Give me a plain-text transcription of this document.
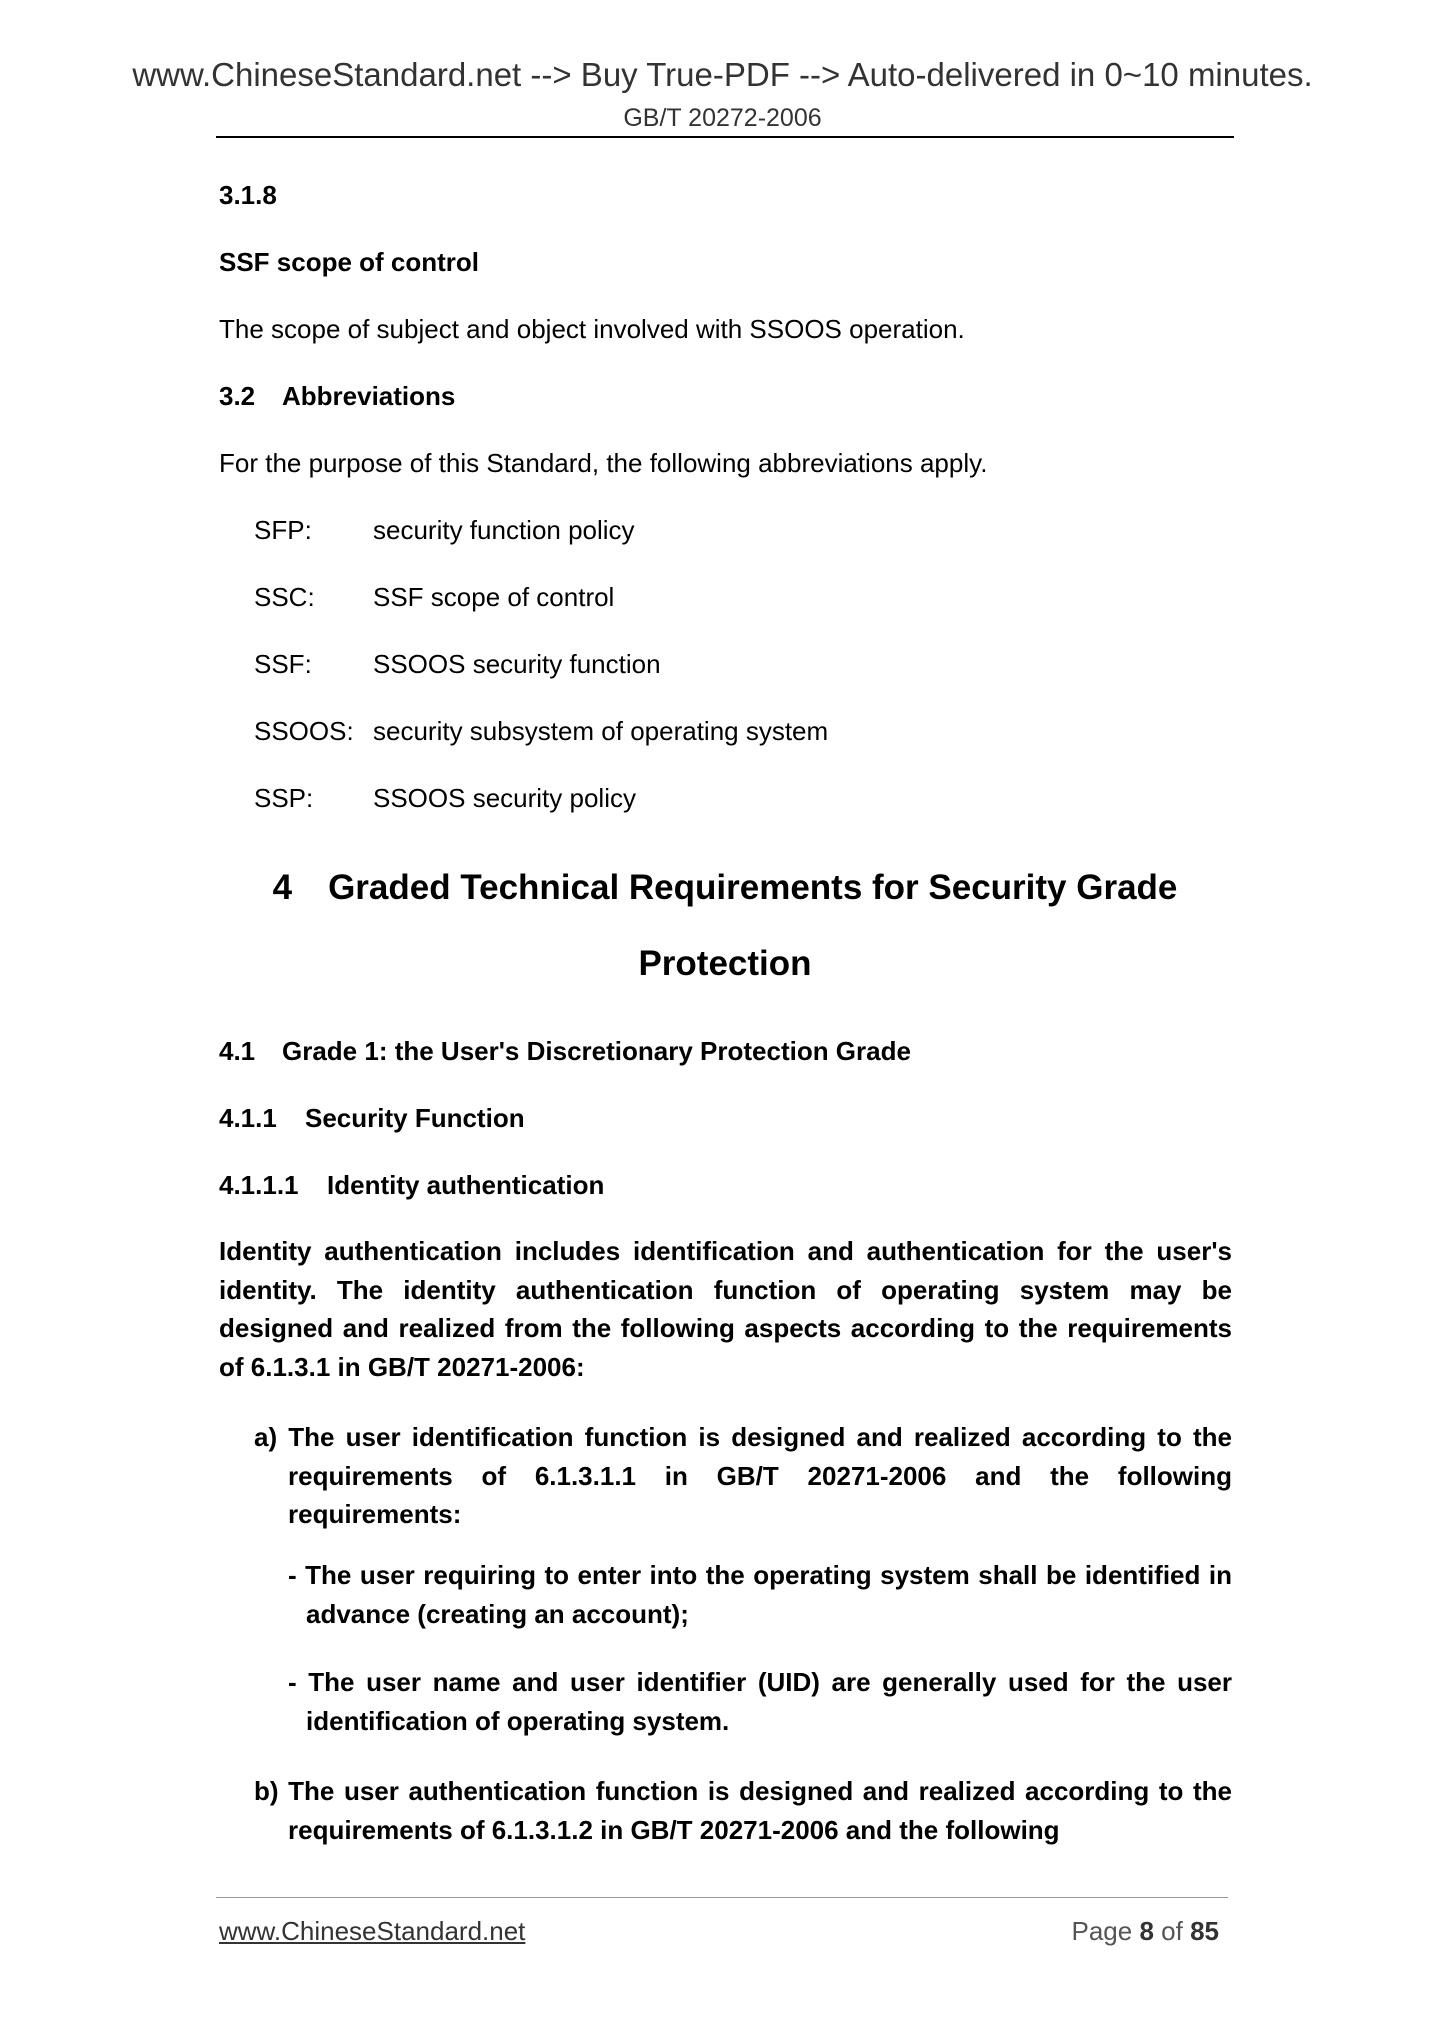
www.ChineseStandard.net --> Buy True-PDF --> Auto-delivered in 0~10 minutes.
GB/T 20272-2006
3.1.8
SSF scope of control
The scope of subject and object involved with SSOOS operation.
3.2 Abbreviations
For the purpose of this Standard, the following abbreviations apply.
SFP: security function policy
SSC: SSF scope of control
SSF: SSOOS security function
SSOOS: security subsystem of operating system
SSP: SSOOS security policy
4 Graded Technical Requirements for Security Grade
Protection
4.1 Grade 1: the User's Discretionary Protection Grade
4.1.1 Security Function
4.1.1.1 Identity authentication
Identity authentication includes identification and authentication for the user's identity. The identity authentication function of operating system may be designed and realized from the following aspects according to the requirements of 6.1.3.1 in GB/T 20271-2006:
a) The user identification function is designed and realized according to the requirements of 6.1.3.1.1 in GB/T 20271-2006 and the following requirements:
- The user requiring to enter into the operating system shall be identified in advance (creating an account);
- The user name and user identifier (UID) are generally used for the user identification of operating system.
b) The user authentication function is designed and realized according to the requirements of 6.1.3.1.2 in GB/T 20271-2006 and the following
www.ChineseStandard.net	Page 8 of 85
